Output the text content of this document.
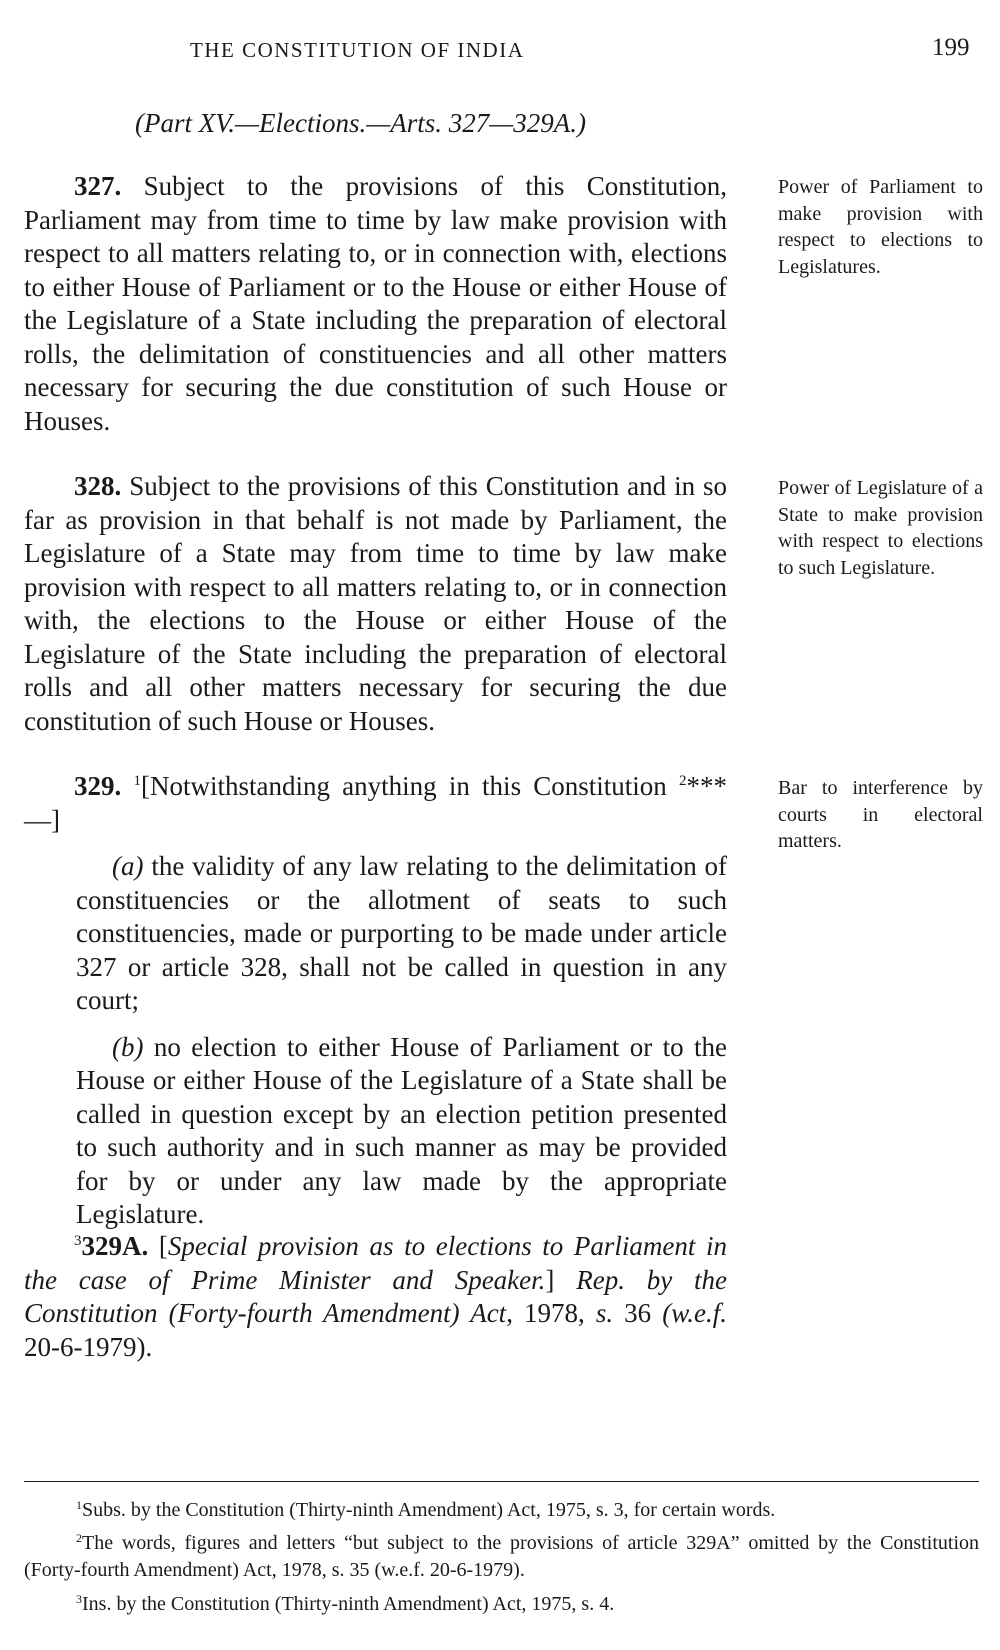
THE CONSTITUTION OF INDIA	199
(Part XV.—Elections.—Arts. 327—329A.)

327. Subject to the provisions of this Constitution, Parliament may from time to time by law make provision with respect to all matters relating to, or in connection with, elections to either House of Parliament or to the House or either House of the Legislature of a State including the preparation of electoral rolls, the delimitation of constituencies and all other matters necessary for securing the due constitution of such House or Houses.

Power of Parliament to make provision with respect to elections to Legislatures.

328. Subject to the provisions of this Constitution and in so far as provision in that behalf is not made by Parliament, the Legislature of a State may from time to time by law make provision with respect to all matters relating to, or in connection with, the elections to the House or either House of the Legislature of the State including the preparation of electoral rolls and all other matters necessary for securing the due constitution of such House or Houses.

Power of Legislature of a State to make provision with respect to elections to such Legislature.

329. $^1$[Notwithstanding anything in this Constitution $^2$***—]

(a) the validity of any law relating to the delimitation of constituencies or the allotment of seats to such constituencies, made or purporting to be made under article 327 or article 328, shall not be called in question in any court;

(b) no election to either House of Parliament or to the House or either House of the Legislature of a State shall be called in question except by an election petition presented to such authority and in such manner as may be provided for by or under any law made by the appropriate Legislature.

Bar to interference by courts in electoral matters.

$^3$329A. [Special provision as to elections to Parliament in the case of Prime Minister and Speaker.] Rep. by the Constitution (Forty-fourth Amendment) Act, 1978, s. 36 (w.e.f. 20-6-1979).

$^1$Subs. by the Constitution (Thirty-ninth Amendment) Act, 1975, s. 3, for certain words.
$^2$The words, figures and letters “but subject to the provisions of article 329A” omitted by the Constitution (Forty-fourth Amendment) Act, 1978, s. 35 (w.e.f. 20-6-1979).
$^3$Ins. by the Constitution (Thirty-ninth Amendment) Act, 1975, s. 4.
